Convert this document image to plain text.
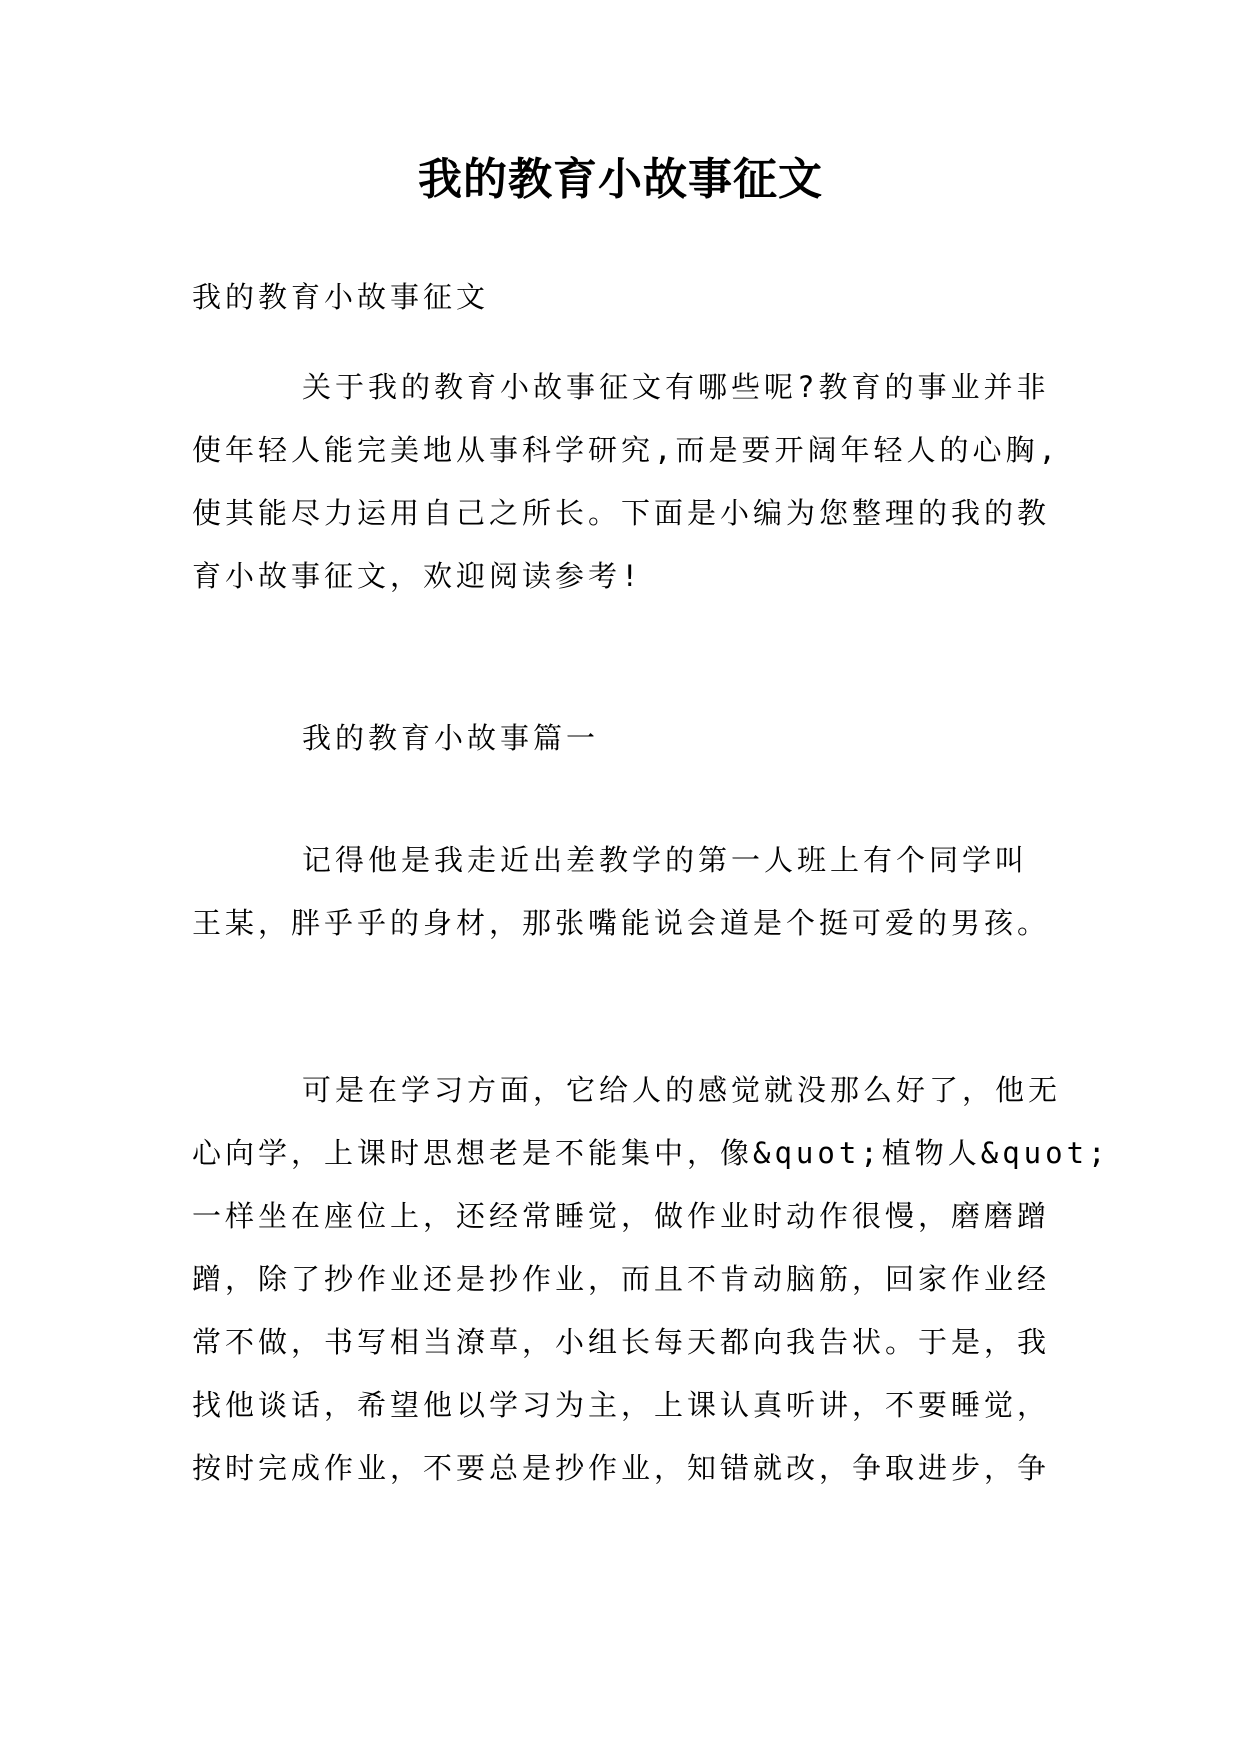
我的教育小故事征文
我的教育小故事征文
关于我的教育小故事征文有哪些呢?教育的事业并非
使年轻人能完美地从事科学研究,而是要开阔年轻人的心胸,
使其能尽力运用自己之所长。下面是小编为您整理的我的教
育小故事征文，欢迎阅读参考!
我的教育小故事篇一
记得他是我走近出差教学的第一人班上有个同学叫
王某，胖乎乎的身材，那张嘴能说会道是个挺可爱的男孩。
可是在学习方面，它给人的感觉就没那么好了，他无
心向学，上课时思想老是不能集中，像&quot;植物人&quot;
一样坐在座位上，还经常睡觉，做作业时动作很慢，磨磨蹭
蹭，除了抄作业还是抄作业，而且不肯动脑筋，回家作业经
常不做，书写相当潦草，小组长每天都向我告状。于是，我
找他谈话，希望他以学习为主，上课认真听讲，不要睡觉，
按时完成作业，不要总是抄作业，知错就改，争取进步，争
